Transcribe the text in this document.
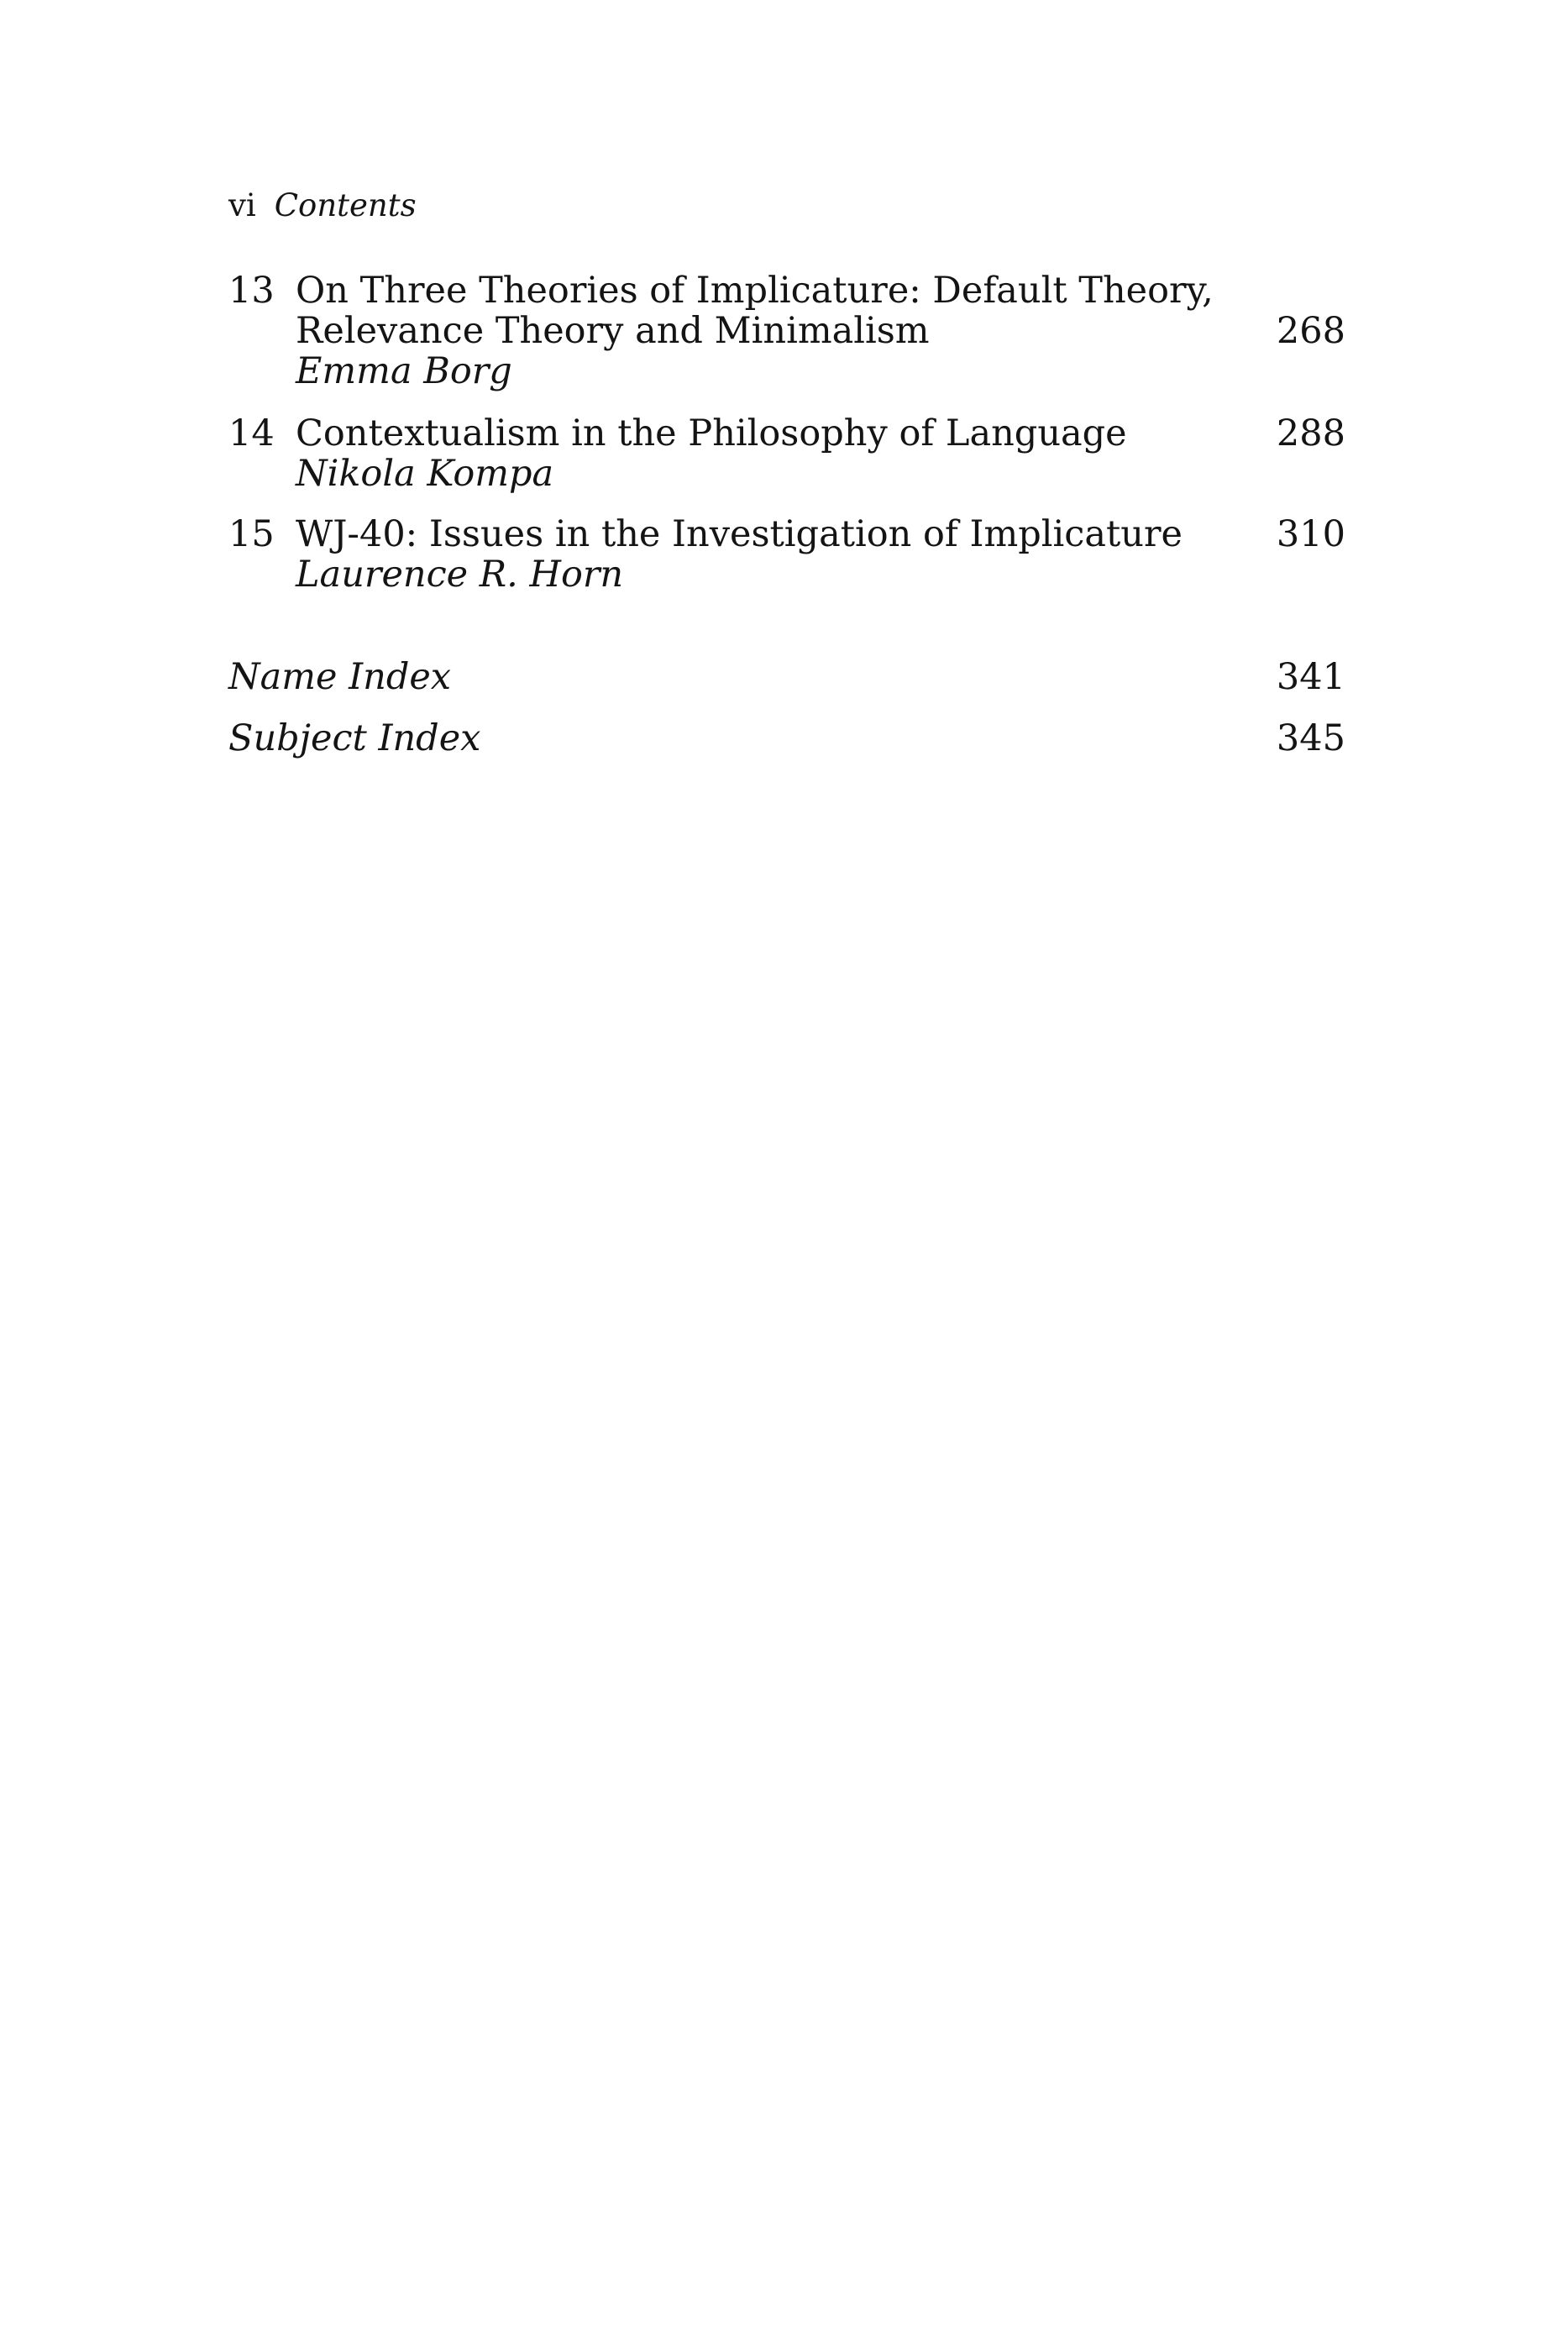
vi Contents
13 On Three Theories of Implicature: Default Theory,
Relevance Theory and Minimalism
Emma Borg
268
14 Contextualism in the Philosophy of Language
Nikola Kompa
288
15 WJ-40: Issues in the Investigation of Implicature
Laurence R. Horn
310
Name Index	341
Subject Index	345
